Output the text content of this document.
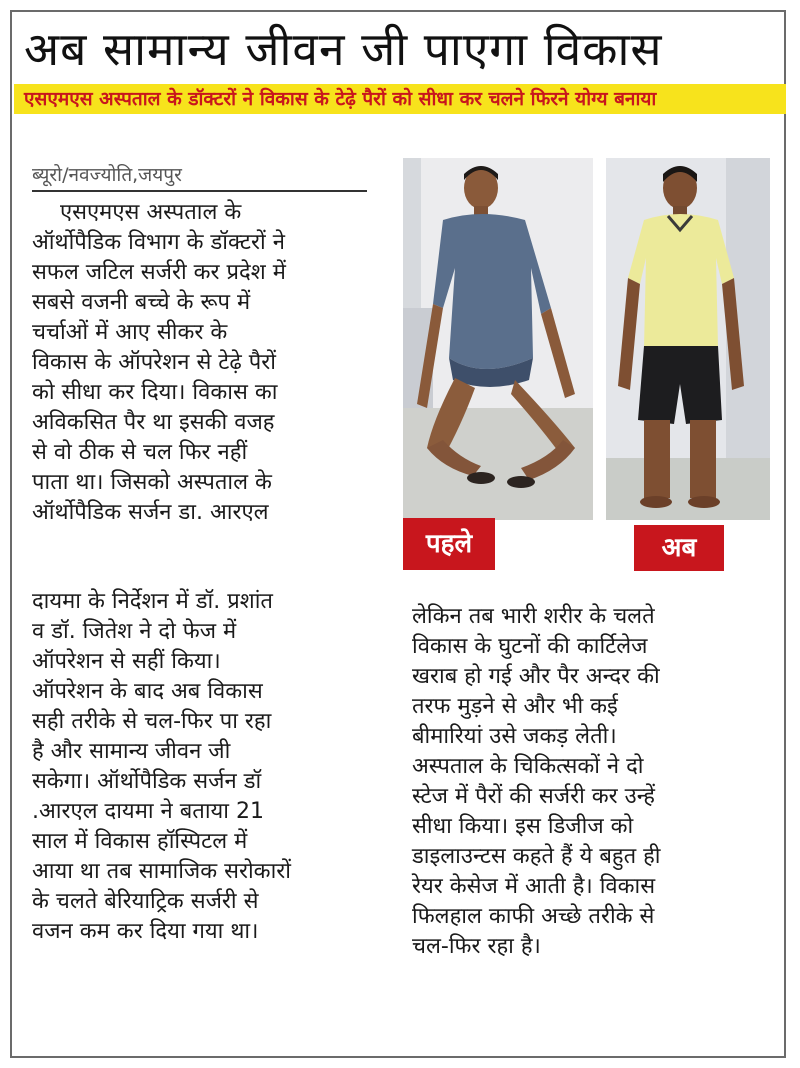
अब सामान्य जीवन जी पाएगा विकास
एसएमएस अस्पताल के डॉक्टरों ने विकास के टेढ़े पैरों को सीधा कर चलने फिरने योग्य बनाया
ब्यूरो/नवज्योति,जयपुर
एसएमएस अस्पताल के
ऑर्थोपैडिक विभाग के डॉक्टरों ने
सफल जटिल सर्जरी कर प्रदेश में
सबसे वजनी बच्चे के रूप में
चर्चाओं में आए सीकर के
विकास के ऑपरेशन से टेढ़े पैरों
को सीधा कर दिया। विकास का
अविकसित पैर था इसकी वजह
से वो ठीक से चल फिर नहीं
पाता था। जिसको अस्पताल के
ऑर्थोपैडिक सर्जन डा. आरएल
पहले	अब
दायमा के निर्देशन में डॉ. प्रशांत
व डॉ. जितेश ने दो फेज में
ऑपरेशन से सहीं किया।
ऑपरेशन के बाद अब विकास
सही तरीके से चल-फिर पा रहा
है और सामान्य जीवन जी
सकेगा। ऑर्थोपैडिक सर्जन डॉ
.आरएल दायमा ने बताया 21
साल में विकास हॉस्पिटल में
आया था तब सामाजिक सरोकारों
के चलते बेरियाट्रिक सर्जरी से
वजन कम कर दिया गया था।
लेकिन तब भारी शरीर के चलते
विकास के घुटनों की कार्टिलेज
खराब हो गई और पैर अन्दर की
तरफ मुड़ने से और भी कई
बीमारियां उसे जकड़ लेती।
अस्पताल के चिकित्सकों ने दो
स्टेज में पैरों की सर्जरी कर उन्हें
सीधा किया। इस डिजीज को
डाइलाउन्टस कहते हैं ये बहुत ही
रेयर केसेज में आती है। विकास
फिलहाल काफी अच्छे तरीके से
चल-फिर रहा है।
